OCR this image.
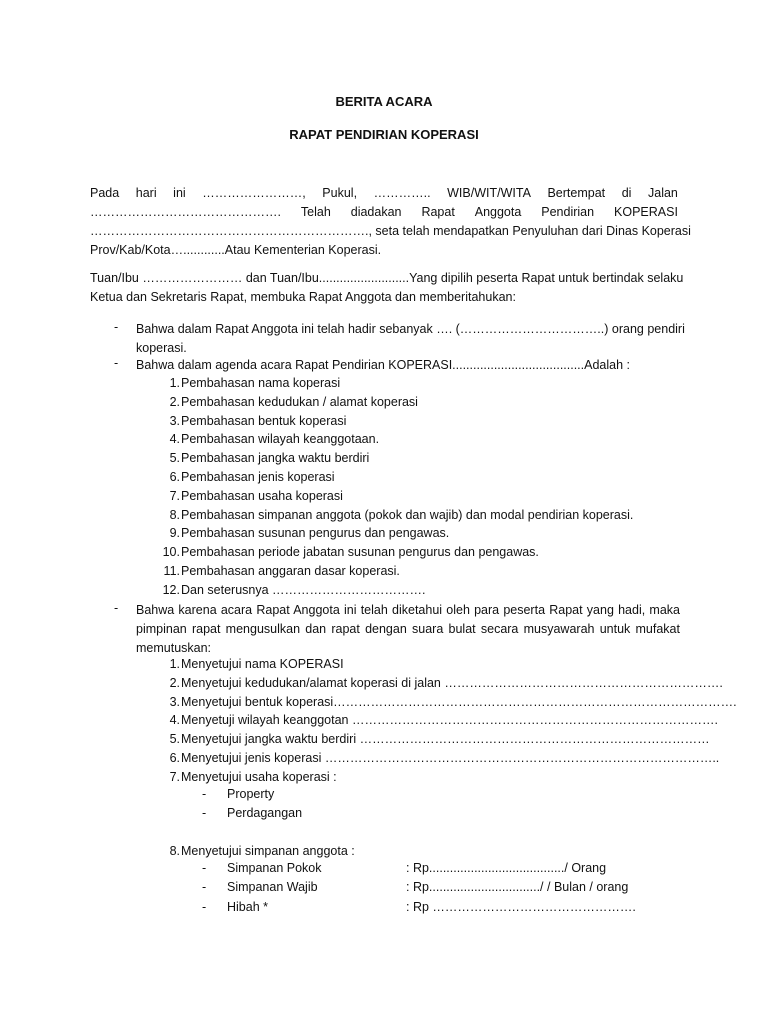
BERITA ACARA
RAPAT PENDIRIAN KOPERASI
Pada hari ini ……………………, Pukul, ………….. WIB/WIT/WITA Bertempat di Jalan
………………………………………. Telah diadakan Rapat Anggota Pendirian KOPERASI
…………………………………………………………., seta telah mendapatkan Penyuluhan dari Dinas Koperasi
Prov/Kab/Kota…............Atau Kementerian Koperasi.
Tuan/Ibu …………………… dan Tuan/Ibu..........................Yang dipilih peserta Rapat untuk bertindak selaku
Ketua dan Sekretaris Rapat, membuka Rapat Anggota dan memberitahukan:
-	Bahwa dalam Rapat Anggota ini telah hadir sebanyak …. (……………………………..) orang pendiri
koperasi.
-	Bahwa dalam agenda acara Rapat Pendirian KOPERASI......................................Adalah :
1. Pembahasan nama koperasi
2. Pembahasan kedudukan / alamat koperasi
3. Pembahasan bentuk koperasi
4. Pembahasan wilayah keanggotaan.
5. Pembahasan jangka waktu berdiri
6. Pembahasan jenis koperasi
7. Pembahasan usaha koperasi
8. Pembahasan simpanan anggota (pokok dan wajib) dan modal pendirian koperasi.
9. Pembahasan susunan pengurus dan pengawas.
10. Pembahasan periode jabatan susunan pengurus dan pengawas.
11. Pembahasan anggaran dasar koperasi.
12. Dan seterusnya ……………………………….
-	Bahwa karena acara Rapat Anggota ini telah diketahui oleh para peserta Rapat yang hadi, maka
pimpinan rapat mengusulkan dan rapat dengan suara bulat secara musyawarah untuk mufakat
memutuskan:
1. Menyetujui nama KOPERASI
2. Menyetujui kedudukan/alamat koperasi di jalan ………………………………………………………….
3. Menyetujui bentuk koperasi…………………………………………………………………………………….
4. Menyetuji wilayah keanggotan …………………………………………………………………………….
5. Menyetujui jangka waktu berdiri …………………………………………………………………………
6. Menyetujui jenis koperasi …………………………………………………………………………………..
7. Menyetujui usaha koperasi :
- Property
- Perdagangan
8. Menyetujui simpanan anggota :
- Simpanan Pokok	: Rp......................................./ Orang
- Simpanan Wajib	: Rp................................/ / Bulan / orang
- Hibah *	: Rp ………………………………………….
